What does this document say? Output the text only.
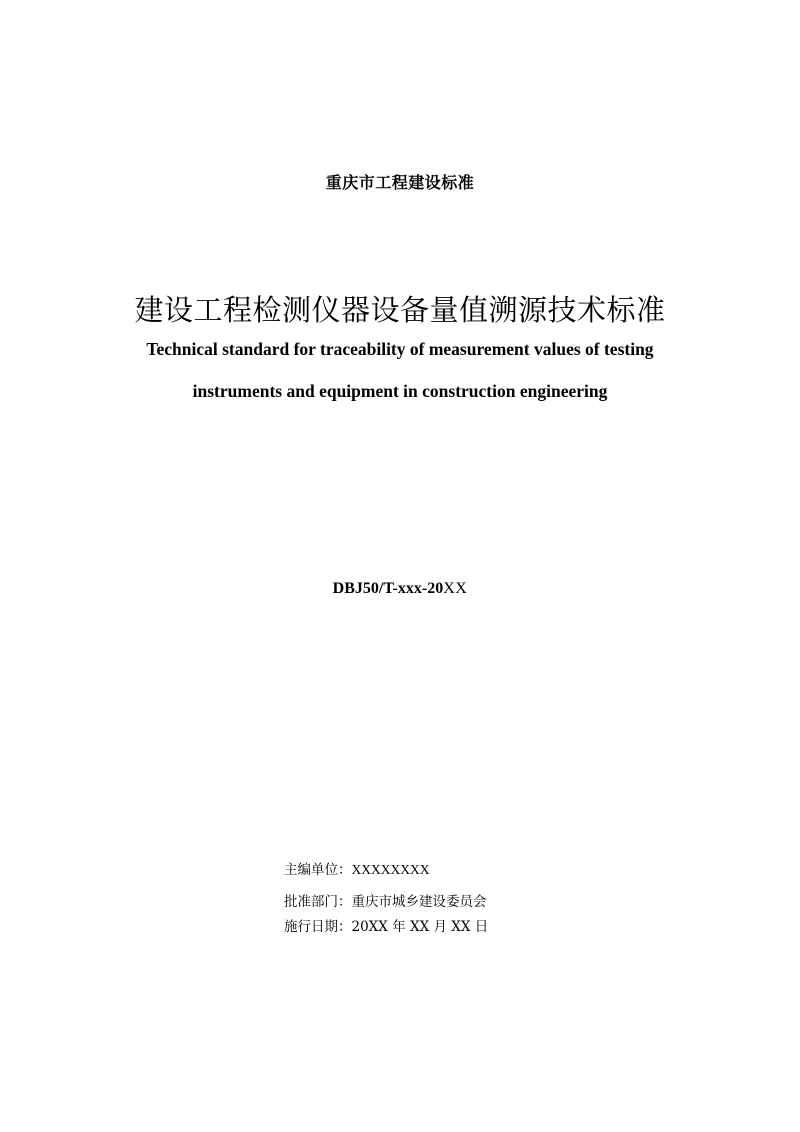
重庆市工程建设标准
建设工程检测仪器设备量值溯源技术标准
Technical standard for traceability of measurement values of testing
instruments and equipment in construction engineering
DBJ50/T-xxx-20XX
主编单位：XXXXXXXX
批准部门：重庆市城乡建设委员会
施行日期：20XX 年 XX 月 XX 日
